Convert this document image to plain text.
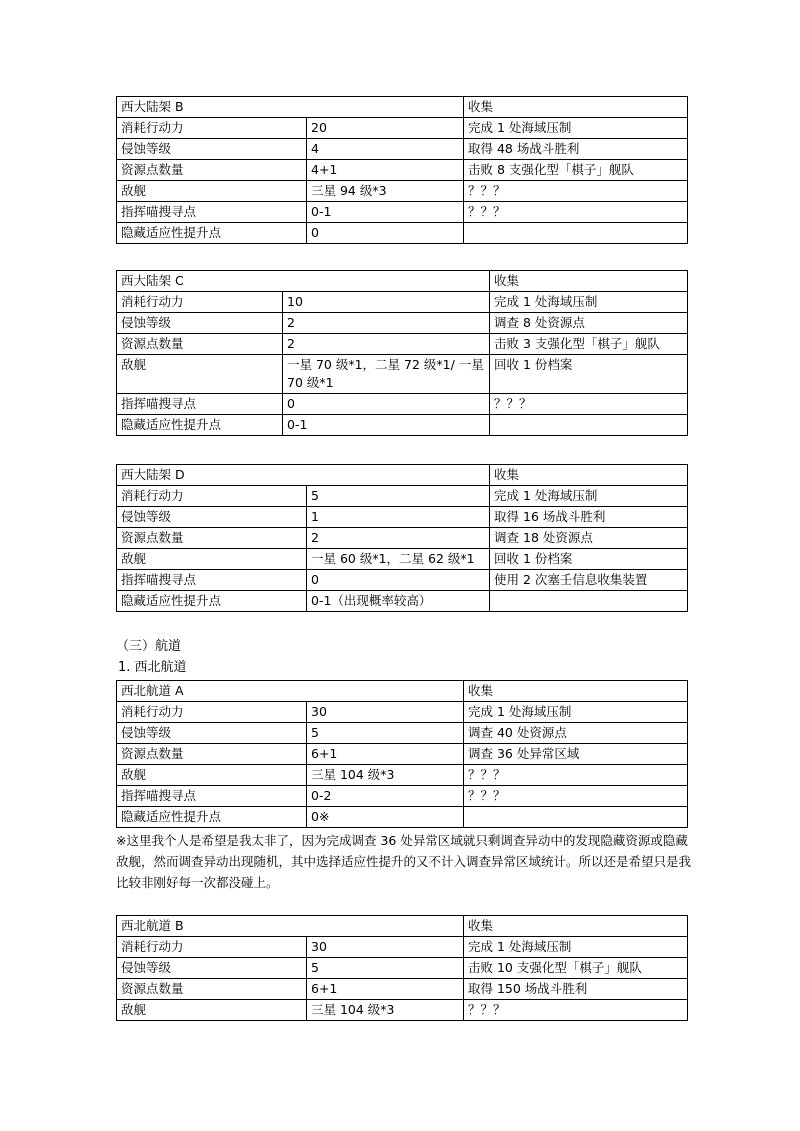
西大陆架 B		收集
消耗行动力	20	完成 1 处海域压制
侵蚀等级	4	取得 48 场战斗胜利
资源点数量	4+1	击败 8 支强化型「棋子」舰队
敌舰	三星 94 级*3	？？？
指挥喵搜寻点	0-1	？？？
隐藏适应性提升点	0	
西大陆架 C		收集
消耗行动力	10	完成 1 处海域压制
侵蚀等级	2	调查 8 处资源点
资源点数量	2	击败 3 支强化型「棋子」舰队
敌舰	一星 70 级*1，二星 72 级*1/ 一星 70 级*1	回收 1 份档案
指挥喵搜寻点	0	？？？
隐藏适应性提升点	0-1	
西大陆架 D		收集
消耗行动力	5	完成 1 处海域压制
侵蚀等级	1	取得 16 场战斗胜利
资源点数量	2	调查 18 处资源点
敌舰	一星 60 级*1，二星 62 级*1	回收 1 份档案
指挥喵搜寻点	0	使用 2 次塞壬信息收集装置
隐藏适应性提升点	0-1（出现概率较高）	
（三）航道
1. 西北航道
西北航道 A		收集
消耗行动力	30	完成 1 处海域压制
侵蚀等级	5	调查 40 处资源点
资源点数量	6+1	调查 36 处异常区域
敌舰	三星 104 级*3	？？？
指挥喵搜寻点	0-2	？？？
隐藏适应性提升点	0※	
※这里我个人是希望是我太非了，因为完成调查 36 处异常区域就只剩调查异动中的发现隐藏资源或隐藏敌舰，然而调查异动出现随机，其中选择适应性提升的又不计入调查异常区域统计。所以还是希望只是我比较非刚好每一次都没碰上。
西北航道 B		收集
消耗行动力	30	完成 1 处海域压制
侵蚀等级	5	击败 10 支强化型「棋子」舰队
资源点数量	6+1	取得 150 场战斗胜利
敌舰	三星 104 级*3	？？？
